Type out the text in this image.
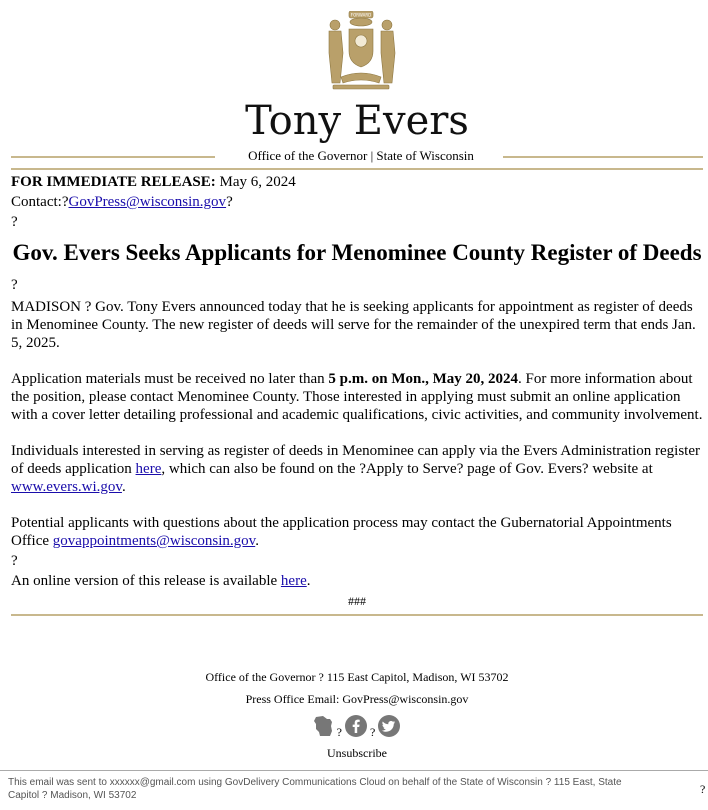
FORWARD
Tony Evers
Office of the Governor | State of Wisconsin

FOR IMMEDIATE RELEASE: May 6, 2024

Contact:?GovPress@wisconsin.gov?

?

Gov. Evers Seeks Applicants for Menominee County Register of Deeds

?

MADISON ? Gov. Tony Evers announced today that he is seeking applicants for appointment as register of deeds in Menominee County. The new register of deeds will serve for the remainder of the unexpired term that ends Jan. 5, 2025.

Application materials must be received no later than 5 p.m. on Mon., May 20, 2024. For more information about the position, please contact Menominee County. Those interested in applying must submit an online application with a cover letter detailing professional and academic qualifications, civic activities, and community involvement.

Individuals interested in serving as register of deeds in Menominee can apply via the Evers Administration register of deeds application here, which can also be found on the ?Apply to Serve? page of Gov. Evers? website at www.evers.wi.gov.

Potential applicants with questions about the application process may contact the Gubernatorial Appointments Office govappointments@wisconsin.gov.

?

An online version of this release is available here.

###

Office of the Governor ? 115 East Capitol, Madison, WI 53702
Press Office Email: GovPress@wisconsin.gov
? ?
Unsubscribe
This email was sent to xxxxxx@gmail.com using GovDelivery Communications Cloud on behalf of the State of Wisconsin ? 115 East, State Capitol ? Madison, WI 53702	?
